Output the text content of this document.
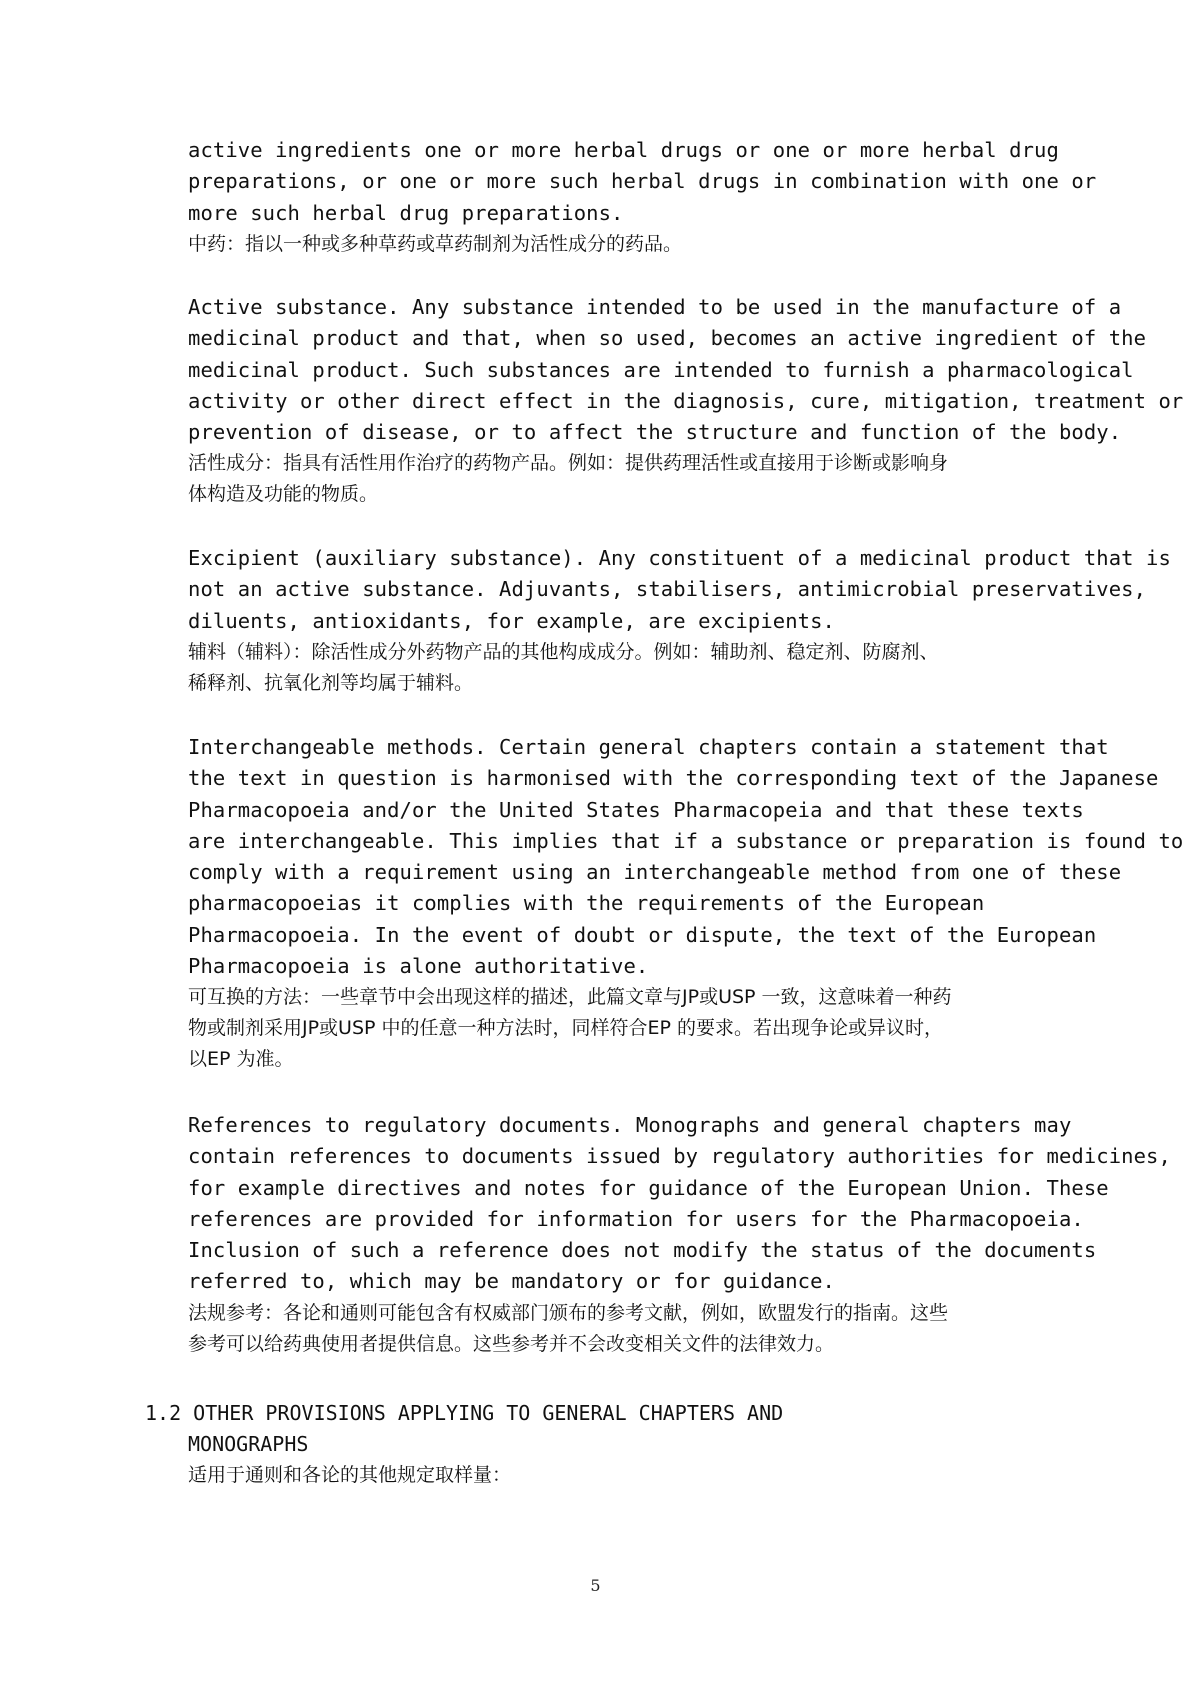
active ingredients one or more herbal drugs or one or more herbal drug

preparations, or one or more such herbal drugs in combination with one or

more such herbal drug preparations.

中药：指以一种或多种草药或草药制剂为活性成分的药品。

Active substance. Any substance intended to be used in the manufacture of a

medicinal product and that, when so used, becomes an active ingredient of the

medicinal product. Such substances are intended to furnish a pharmacological

activity or other direct effect in the diagnosis, cure, mitigation, treatment or

prevention of disease, or to affect the structure and function of the body.

活性成分：指具有活性用作治疗的药物产品。例如：提供药理活性或直接用于诊断或影响身

体构造及功能的物质。

Excipient (auxiliary substance). Any constituent of a medicinal product that is

not an active substance. Adjuvants, stabilisers, antimicrobial preservatives,

diluents, antioxidants, for example, are excipients.

辅料（辅料）：除活性成分外药物产品的其他构成成分。例如：辅助剂、稳定剂、防腐剂、

稀释剂、抗氧化剂等均属于辅料。

Interchangeable methods. Certain general chapters contain a statement that

the text in question is harmonised with the corresponding text of the Japanese

Pharmacopoeia and/or the United States Pharmacopeia and that these texts

are interchangeable. This implies that if a substance or preparation is found to

comply with a requirement using an interchangeable method from one of these

pharmacopoeias it complies with the requirements of the European

Pharmacopoeia. In the event of doubt or dispute, the text of the European

Pharmacopoeia is alone authoritative.

可互换的方法：一些章节中会出现这样的描述，此篇文章与JP或USP 一致，这意味着一种药

物或制剂采用JP或USP 中的任意一种方法时，同样符合EP 的要求。若出现争论或异议时，

以EP 为准。

References to regulatory documents. Monographs and general chapters may

contain references to documents issued by regulatory authorities for medicines,

for example directives and notes for guidance of the European Union. These

references are provided for information for users for the Pharmacopoeia.

Inclusion of such a reference does not modify the status of the documents

referred to, which may be mandatory or for guidance.

法规参考：各论和通则可能包含有权威部门颁布的参考文献，例如，欧盟发行的指南。这些

参考可以给药典使用者提供信息。这些参考并不会改变相关文件的法律效力。

1.2 OTHER PROVISIONS APPLYING TO GENERAL CHAPTERS AND

MONOGRAPHS

适用于通则和各论的其他规定取样量：

5
